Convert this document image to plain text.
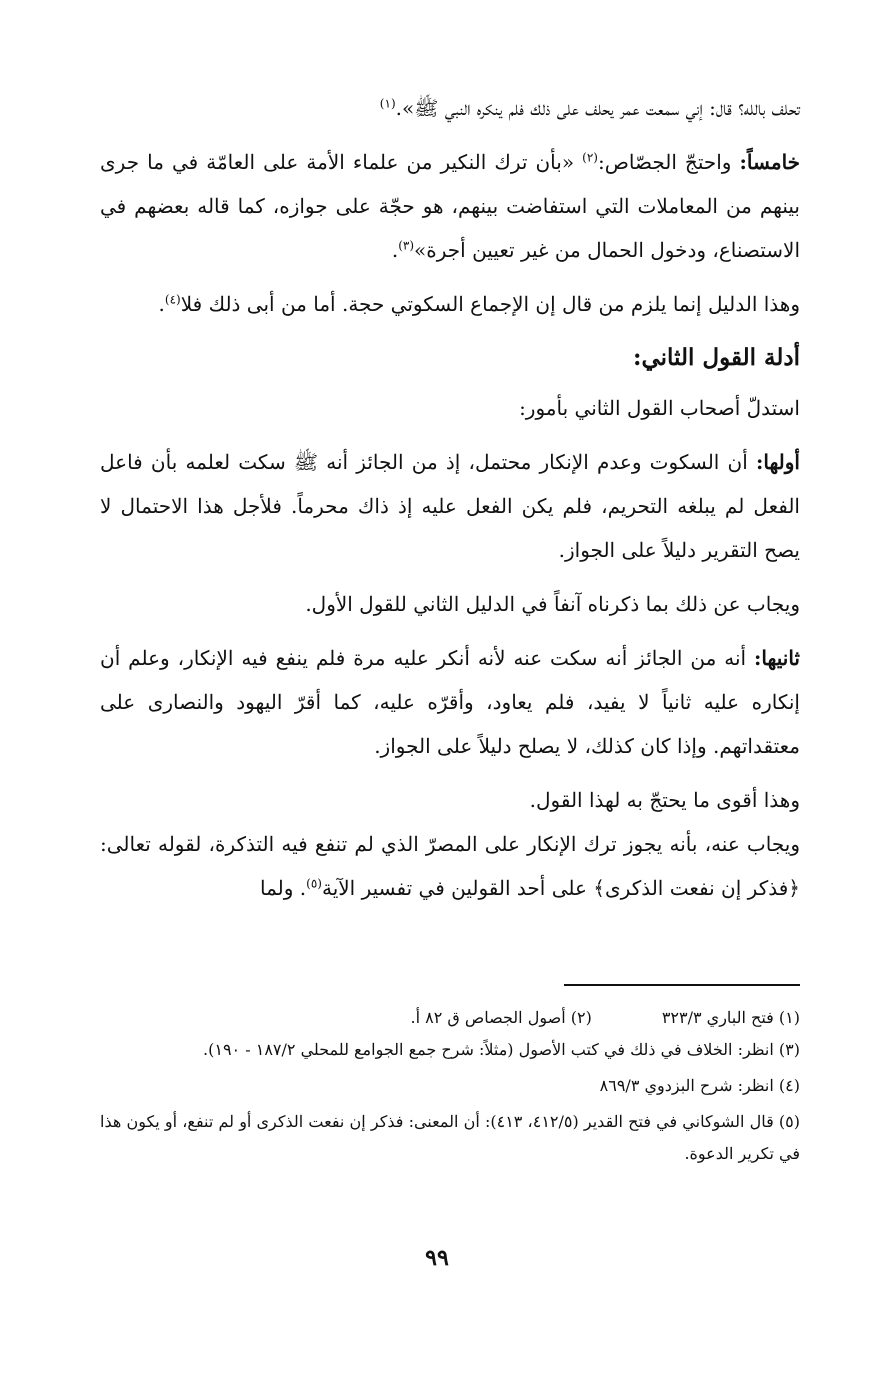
تحلف بالله؟ قال: إني سمعت عمر يحلف على ذلك فلم ينكره النبي ﷺ».$^{(١)}$

خامساً: واحتجّ الجصّاص:$^{(٢)}$ «بأن ترك النكير من علماء الأمة على العامّة في ما جرى بينهم من المعاملات التي استفاضت بينهم، هو حجّة على جوازه، كما قاله بعضهم في الاستصناع، ودخول الحمال من غير تعيين أجرة»$^{(٣)}$.

وهذا الدليل إنما يلزم من قال إن الإجماع السكوتي حجة. أما من أبى ذلك فلا$^{(٤)}$.

أدلة القول الثاني:

استدلّ أصحاب القول الثاني بأمور:

أولها: أن السكوت وعدم الإنكار محتمل، إذ من الجائز أنه ﷺ سكت لعلمه بأن فاعل الفعل لم يبلغه التحريم، فلم يكن الفعل عليه إذ ذاك محرماً. فلأجل هذا الاحتمال لا يصح التقرير دليلاً على الجواز.

ويجاب عن ذلك بما ذكرناه آنفاً في الدليل الثاني للقول الأول.

ثانيها: أنه من الجائز أنه سكت عنه لأنه أنكر عليه مرة فلم ينفع فيه الإنكار، وعلم أن إنكاره عليه ثانياً لا يفيد، فلم يعاود، وأقرّه عليه، كما أقرّ اليهود والنصارى على معتقداتهم. وإذا كان كذلك، لا يصلح دليلاً على الجواز.

وهذا أقوى ما يحتجّ به لهذا القول.

ويجاب عنه، بأنه يجوز ترك الإنكار على المصرّ الذي لم تنفع فيه التذكرة، لقوله تعالى: ﴿فذكر إن نفعت الذكرى﴾ على أحد القولين في تفسير الآية$^{(٥)}$. ولما

(١) فتح الباري ٣٢٣/٣
(٢) أصول الجصاص ق ٨٢ أ.

(٣) انظر: الخلاف في ذلك في كتب الأصول (مثلاً: شرح جمع الجوامع للمحلي ١٨٧/٢ - ١٩٠).

(٤) انظر: شرح البزدوي ٨٦٩/٣

(٥) قال الشوكاني في فتح القدير (٤١٢/٥، ٤١٣): أن المعنى: فذكر إن نفعت الذكرى أو لم تنفع، أو يكون هذا في تكرير الدعوة.

٩٩
